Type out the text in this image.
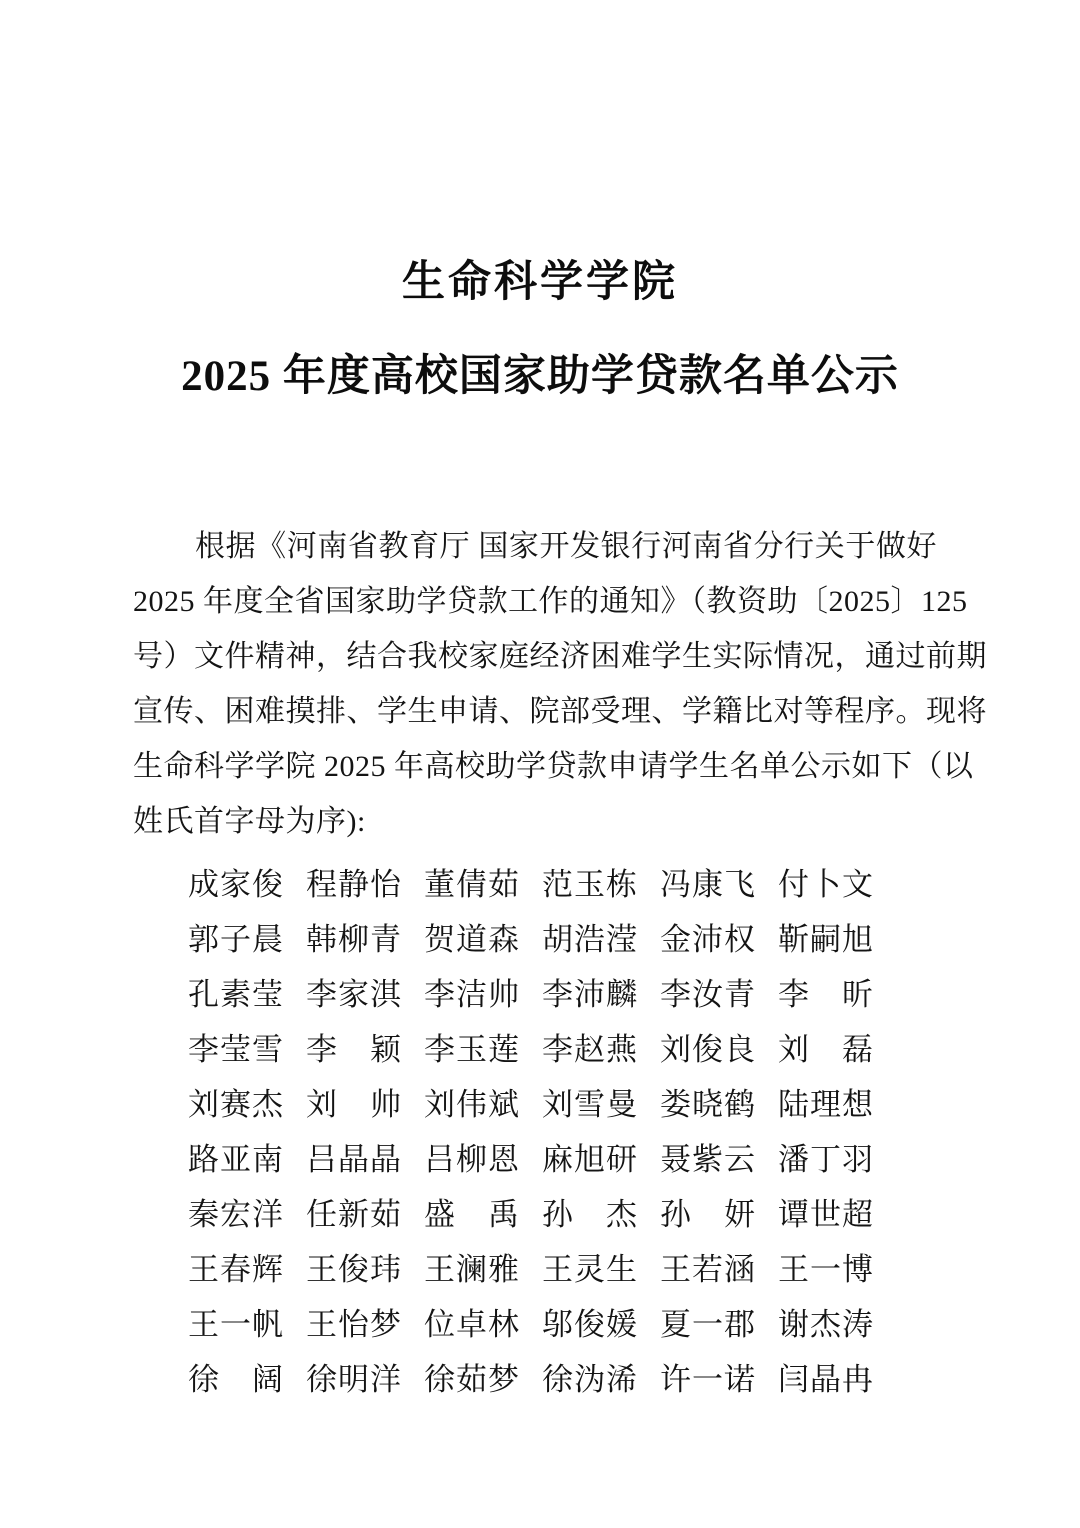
生命科学学院
2025 年度高校国家助学贷款名单公示
根据《河南省教育厅 国家开发银行河南省分行关于做好
2025 年度全省国家助学贷款工作的通知》（教资助〔2025〕125
号）文件精神，结合我校家庭经济困难学生实际情况，通过前期
宣传、困难摸排、学生申请、院部受理、学籍比对等程序。现将
生命科学学院 2025 年高校助学贷款申请学生名单公示如下（以
姓氏首字母为序):
成家俊 程静怡 董倩茹 范玉栋 冯康飞 付卜文
郭子晨 韩柳青 贺道森 胡浩滢 金沛权 靳嗣旭
孔素莹 李家淇 李洁帅 李沛麟 李汝青 李　昕
李莹雪 李　颖 李玉莲 李赵燕 刘俊良 刘　磊
刘赛杰 刘　帅 刘伟斌 刘雪曼 娄晓鹤 陆理想
路亚南 吕晶晶 吕柳恩 麻旭研 聂紫云 潘丁羽
秦宏洋 任新茹 盛　禹 孙　杰 孙　妍 谭世超
王春辉 王俊玮 王澜雅 王灵生 王若涵 王一博
王一帆 王怡梦 位卓林 邬俊媛 夏一郡 谢杰涛
徐　阔 徐明洋 徐茹梦 徐沩浠 许一诺 闫晶冉
